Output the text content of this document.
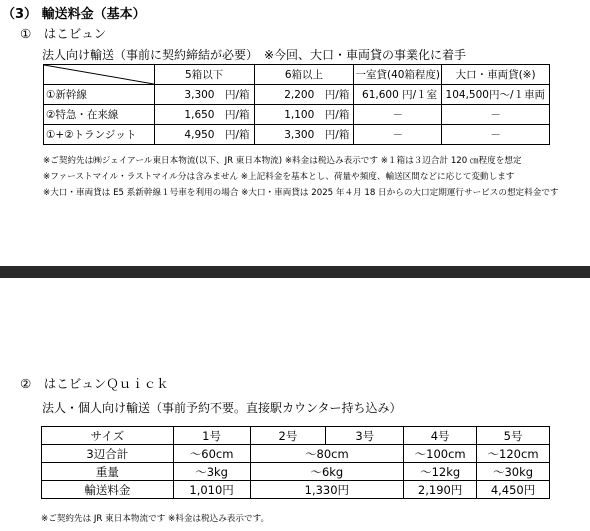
（3） 輸送料金（基本）
①　はこビュン
法人向け輸送（事前に契約締結が必要）　※今回、大口・車両貸の事業化に着手
	5箱以下	6箱以上	一室貸(40箱程度)	大口・車両貸(※)
①新幹線	3,300　円/箱	2,200　円/箱	61,600 円/１室	104,500円～/１車両
②特急・在来線	1,650　円/箱	1,100　円/箱	－	－
①+②トランジット	4,950　円/箱	3,300　円/箱	－	－
※ご契約先は㈱ジェイアール東日本物流(以下、JR 東日本物流) ※料金は税込み表示です ※１箱は３辺合計 120 ㎝程度を想定
※ファーストマイル・ラストマイル分は含みません ※上記料金を基本とし、荷量や頻度、輸送区間などに応じて変動します
※大口・車両貸は E5 系新幹線１号車を利用の場合 ※大口・車両貸は 2025 年４月 18 日からの大口定期運行サービスの想定料金です
②　はこビュンＱｕｉｃｋ
法人・個人向け輸送（事前予約不要。直接駅カウンター持ち込み）
サイズ	1号	2号	3号	4号	5号
3辺合計	～60cm	～80cm		～100cm	～120cm
重量	～3kg	～6kg		～12kg	～30kg
輸送料金	1,010円	1,330円		2,190円	4,450円
※ご契約先は JR 東日本物流です ※料金は税込み表示です。
